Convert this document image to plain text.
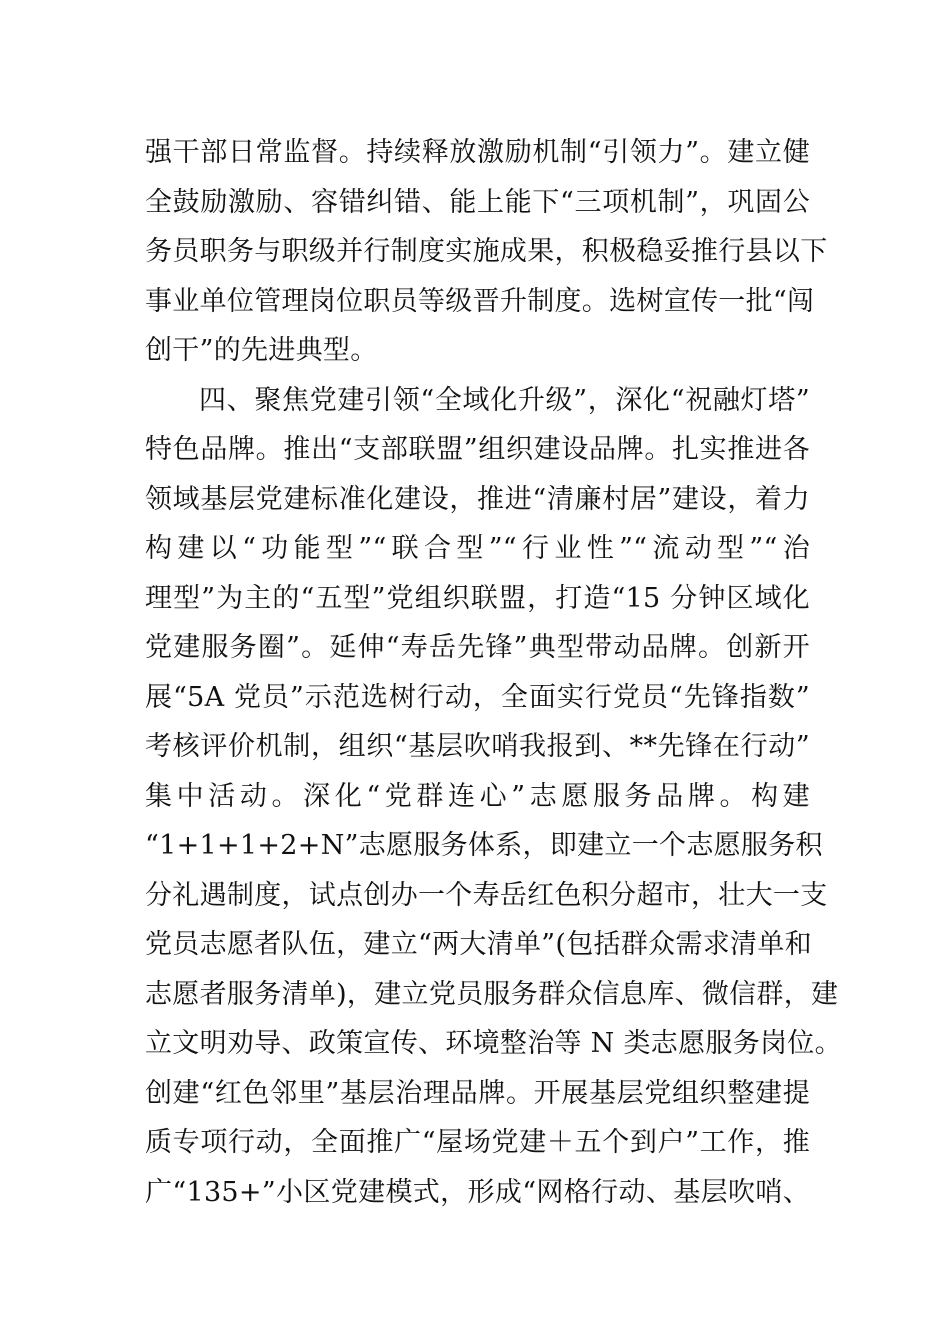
强干部日常监督。持续释放激励机制“引领力”。建立健
全鼓励激励、容错纠错、能上能下“三项机制”，巩固公
务员职务与职级并行制度实施成果，积极稳妥推行县以下
事业单位管理岗位职员等级晋升制度。选树宣传一批“闯
创干”的先进典型。
四、聚焦党建引领“全域化升级”，深化“祝融灯塔”
特色品牌。推出“支部联盟”组织建设品牌。扎实推进各
领域基层党建标准化建设，推进“清廉村居”建设，着力
构建以“功能型”“联合型”“行业性”“流动型”“治
理型”为主的“五型”党组织联盟，打造“15 分钟区域化
党建服务圈”。延伸“寿岳先锋”典型带动品牌。创新开
展“5A 党员”示范选树行动，全面实行党员“先锋指数”
考核评价机制，组织“基层吹哨我报到、**先锋在行动”
集中活动。深化“党群连心”志愿服务品牌。构建
“1+1+1+2+N”志愿服务体系，即建立一个志愿服务积
分礼遇制度，试点创办一个寿岳红色积分超市，壮大一支
党员志愿者队伍，建立“两大清单”(包括群众需求清单和
志愿者服务清单)，建立党员服务群众信息库、微信群，建
立文明劝导、政策宣传、环境整治等 N 类志愿服务岗位。
创建“红色邻里”基层治理品牌。开展基层党组织整建提
质专项行动，全面推广“屋场党建＋五个到户”工作，推
广“135+”小区党建模式，形成“网格行动、基层吹哨、
